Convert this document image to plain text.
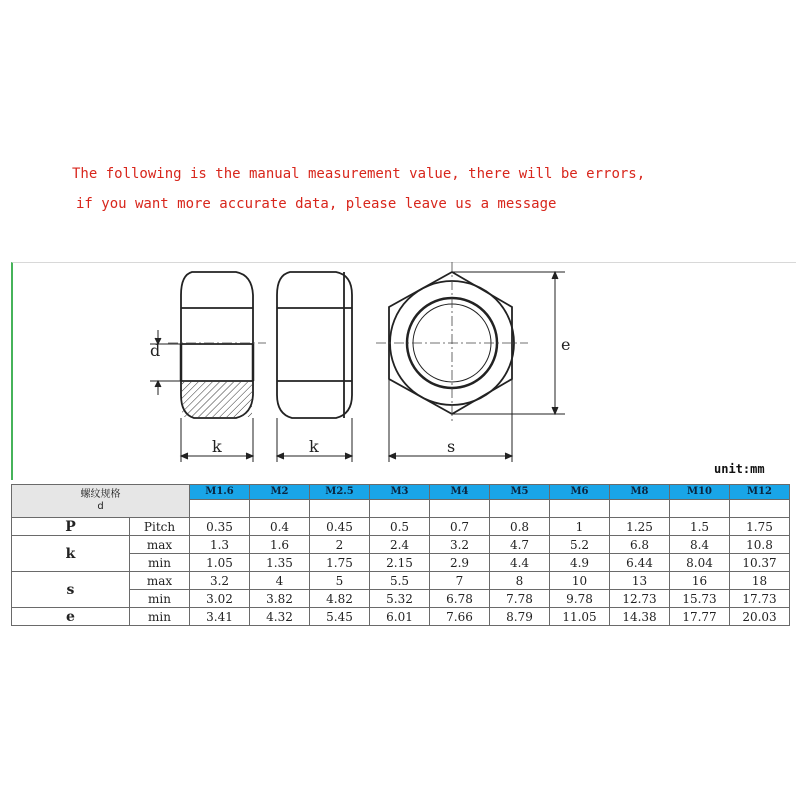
The following is the manual measurement value, there will be errors,
if you want more accurate data, please leave us a message
d
k	k	s
e
unit:mm
螺纹规格
d		M1.6	M2	M2.5	M3	M4	M5	M6	M8	M10	M12

P	Pitch	0.35	0.4	0.45	0.5	0.7	0.8	1	1.25	1.5	1.75
k	max	1.3	1.6	2	2.4	3.2	4.7	5.2	6.8	8.4	10.8
	min	1.05	1.35	1.75	2.15	2.9	4.4	4.9	6.44	8.04	10.37
s	max	3.2	4	5	5.5	7	8	10	13	16	18
	min	3.02	3.82	4.82	5.32	6.78	7.78	9.78	12.73	15.73	17.73
e	min	3.41	4.32	5.45	6.01	7.66	8.79	11.05	14.38	17.77	20.03
